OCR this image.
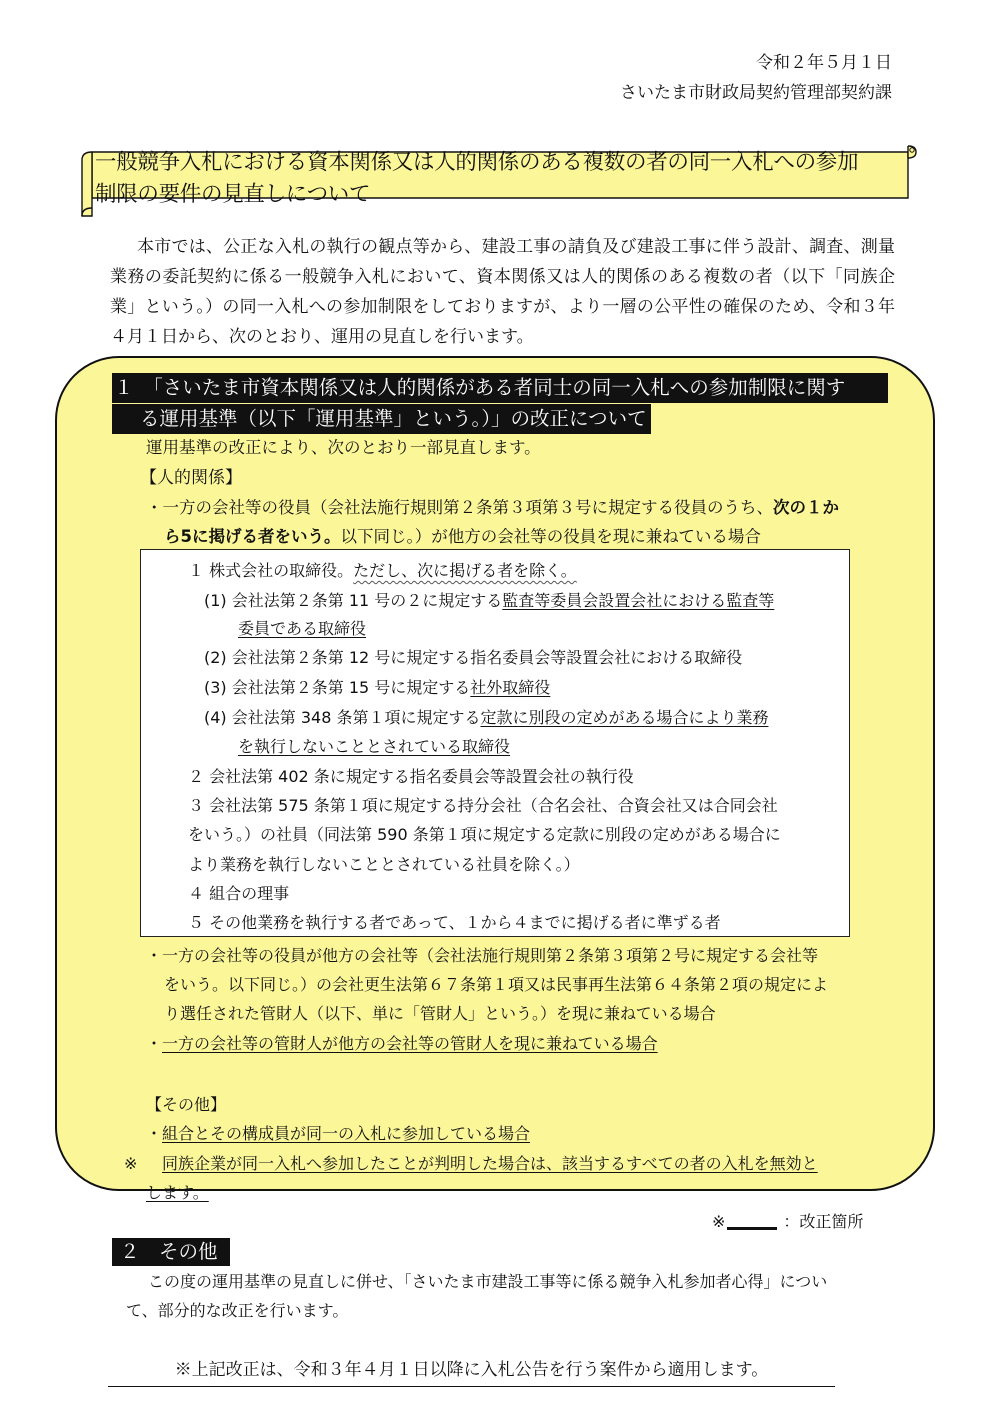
令和２年５月１日
さいたま市財政局契約管理部契約課
一般競争入札における資本関係又は人的関係のある複数の者の同一入札への参加
制限の要件の見直しについて
本市では、公正な入札の執行の観点等から、建設工事の請負及び建設工事に伴う設計、調査、測量業務の委託契約に係る一般競争入札において、資本関係又は人的関係のある複数の者（以下「同族企業」という。）の同一入札への参加制限をしておりますが、より一層の公平性の確保のため、令和３年４月１日から、次のとおり、運用の見直しを行います。
１　「さいたま市資本関係又は人的関係がある者同士の同一入札への参加制限に関す
る運用基準（以下「運用基準」という。）」の改正について
運用基準の改正により、次のとおり一部見直します。
【人的関係】
・一方の会社等の役員（会社法施行規則第２条第３項第３号に規定する役員のうち、次の１か
ら5に掲げる者をいう。以下同じ。）が他方の会社等の役員を現に兼ねている場合
１ 株式会社の取締役。ただし、次に掲げる者を除く。
(1) 会社法第２条第 11 号の２に規定する監査等委員会設置会社における監査等
委員である取締役
(2) 会社法第２条第 12 号に規定する指名委員会等設置会社における取締役
(3) 会社法第２条第 15 号に規定する社外取締役
(4) 会社法第 348 条第１項に規定する定款に別段の定めがある場合により業務
を執行しないこととされている取締役
２ 会社法第 402 条に規定する指名委員会等設置会社の執行役
３ 会社法第 575 条第１項に規定する持分会社（合名会社、合資会社又は合同会社
をいう。）の社員（同法第 590 条第１項に規定する定款に別段の定めがある場合に
より業務を執行しないこととされている社員を除く。）
４ 組合の理事
５ その他業務を執行する者であって、１から４までに掲げる者に準ずる者
・一方の会社等の役員が他方の会社等（会社法施行規則第２条第３項第２号に規定する会社等
をいう。以下同じ。）の会社更生法第６７条第１項又は民事再生法第６４条第２項の規定によ
り選任された管財人（以下、単に「管財人」という。）を現に兼ねている場合
・一方の会社等の管財人が他方の会社等の管財人を現に兼ねている場合
【その他】
・組合とその構成員が同一の入札に参加している場合
※ 同族企業が同一入札へ参加したことが判明した場合は、該当するすべての者の入札を無効と
します。
※	：改正箇所
２　その他
この度の運用基準の見直しに併せ、「さいたま市建設工事等に係る競争入札参加者心得」につい
て、部分的な改正を行います。
※上記改正は、令和３年４月１日以降に入札公告を行う案件から適用します。
